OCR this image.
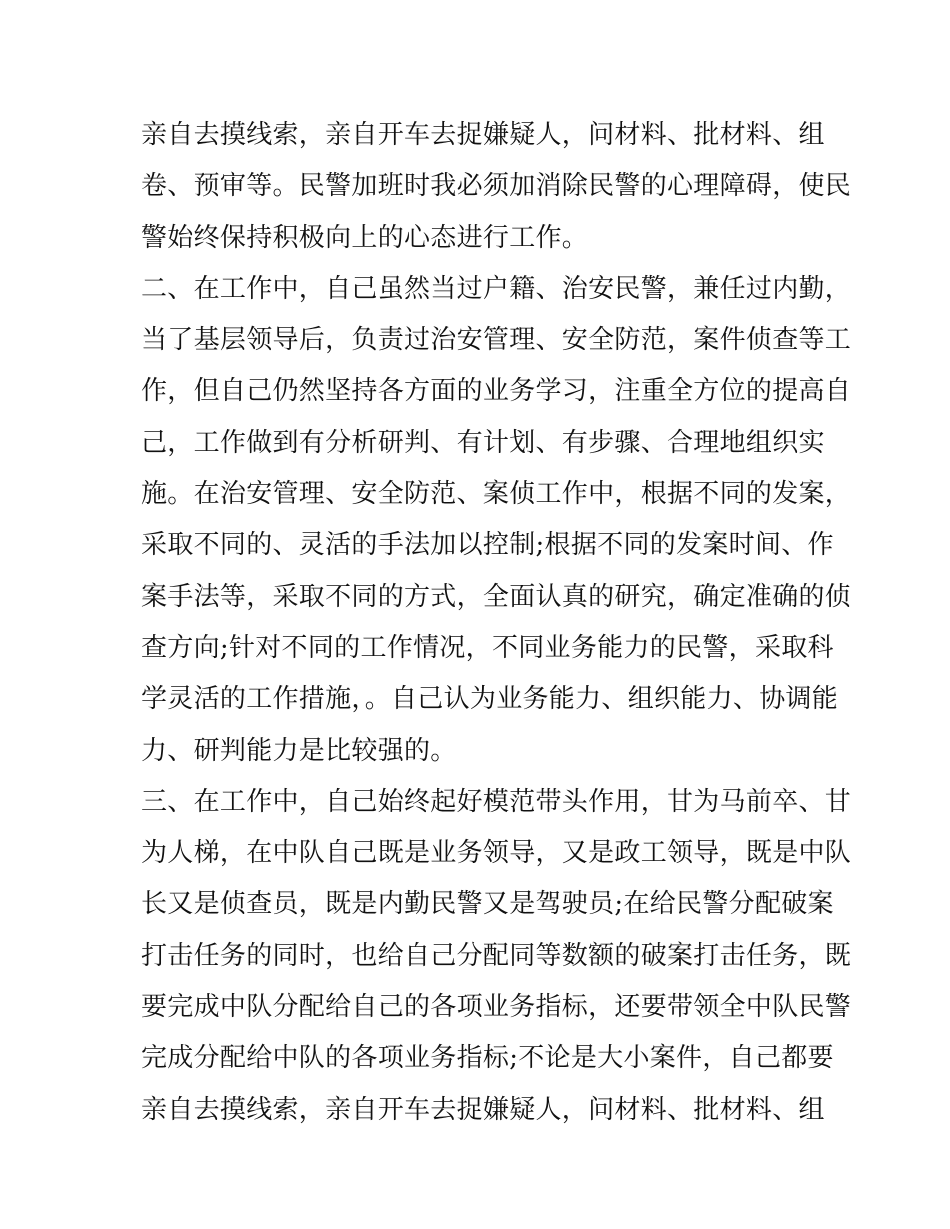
亲自去摸线索，亲自开车去捉嫌疑人，问材料、批材料、组
卷、预审等。民警加班时我必须加消除民警的心理障碍，使民
警始终保持积极向上的心态进行工作。
二、在工作中，自己虽然当过户籍、治安民警，兼任过内勤，
当了基层领导后，负责过治安管理、安全防范，案件侦查等工
作，但自己仍然坚持各方面的业务学习，注重全方位的提高自
己，工作做到有分析研判、有计划、有步骤、合理地组织实
施。在治安管理、安全防范、案侦工作中，根据不同的发案，
采取不同的、灵活的手法加以控制;根据不同的发案时间、作
案手法等，采取不同的方式，全面认真的研究，确定准确的侦
查方向;针对不同的工作情况，不同业务能力的民警，采取科
学灵活的工作措施，。自己认为业务能力、组织能力、协调能
力、研判能力是比较强的。
三、在工作中，自己始终起好模范带头作用，甘为马前卒、甘
为人梯，在中队自己既是业务领导，又是政工领导，既是中队
长又是侦查员，既是内勤民警又是驾驶员;在给民警分配破案
打击任务的同时，也给自己分配同等数额的破案打击任务，既
要完成中队分配给自己的各项业务指标，还要带领全中队民警
完成分配给中队的各项业务指标;不论是大小案件，自己都要
亲自去摸线索，亲自开车去捉嫌疑人，问材料、批材料、组
